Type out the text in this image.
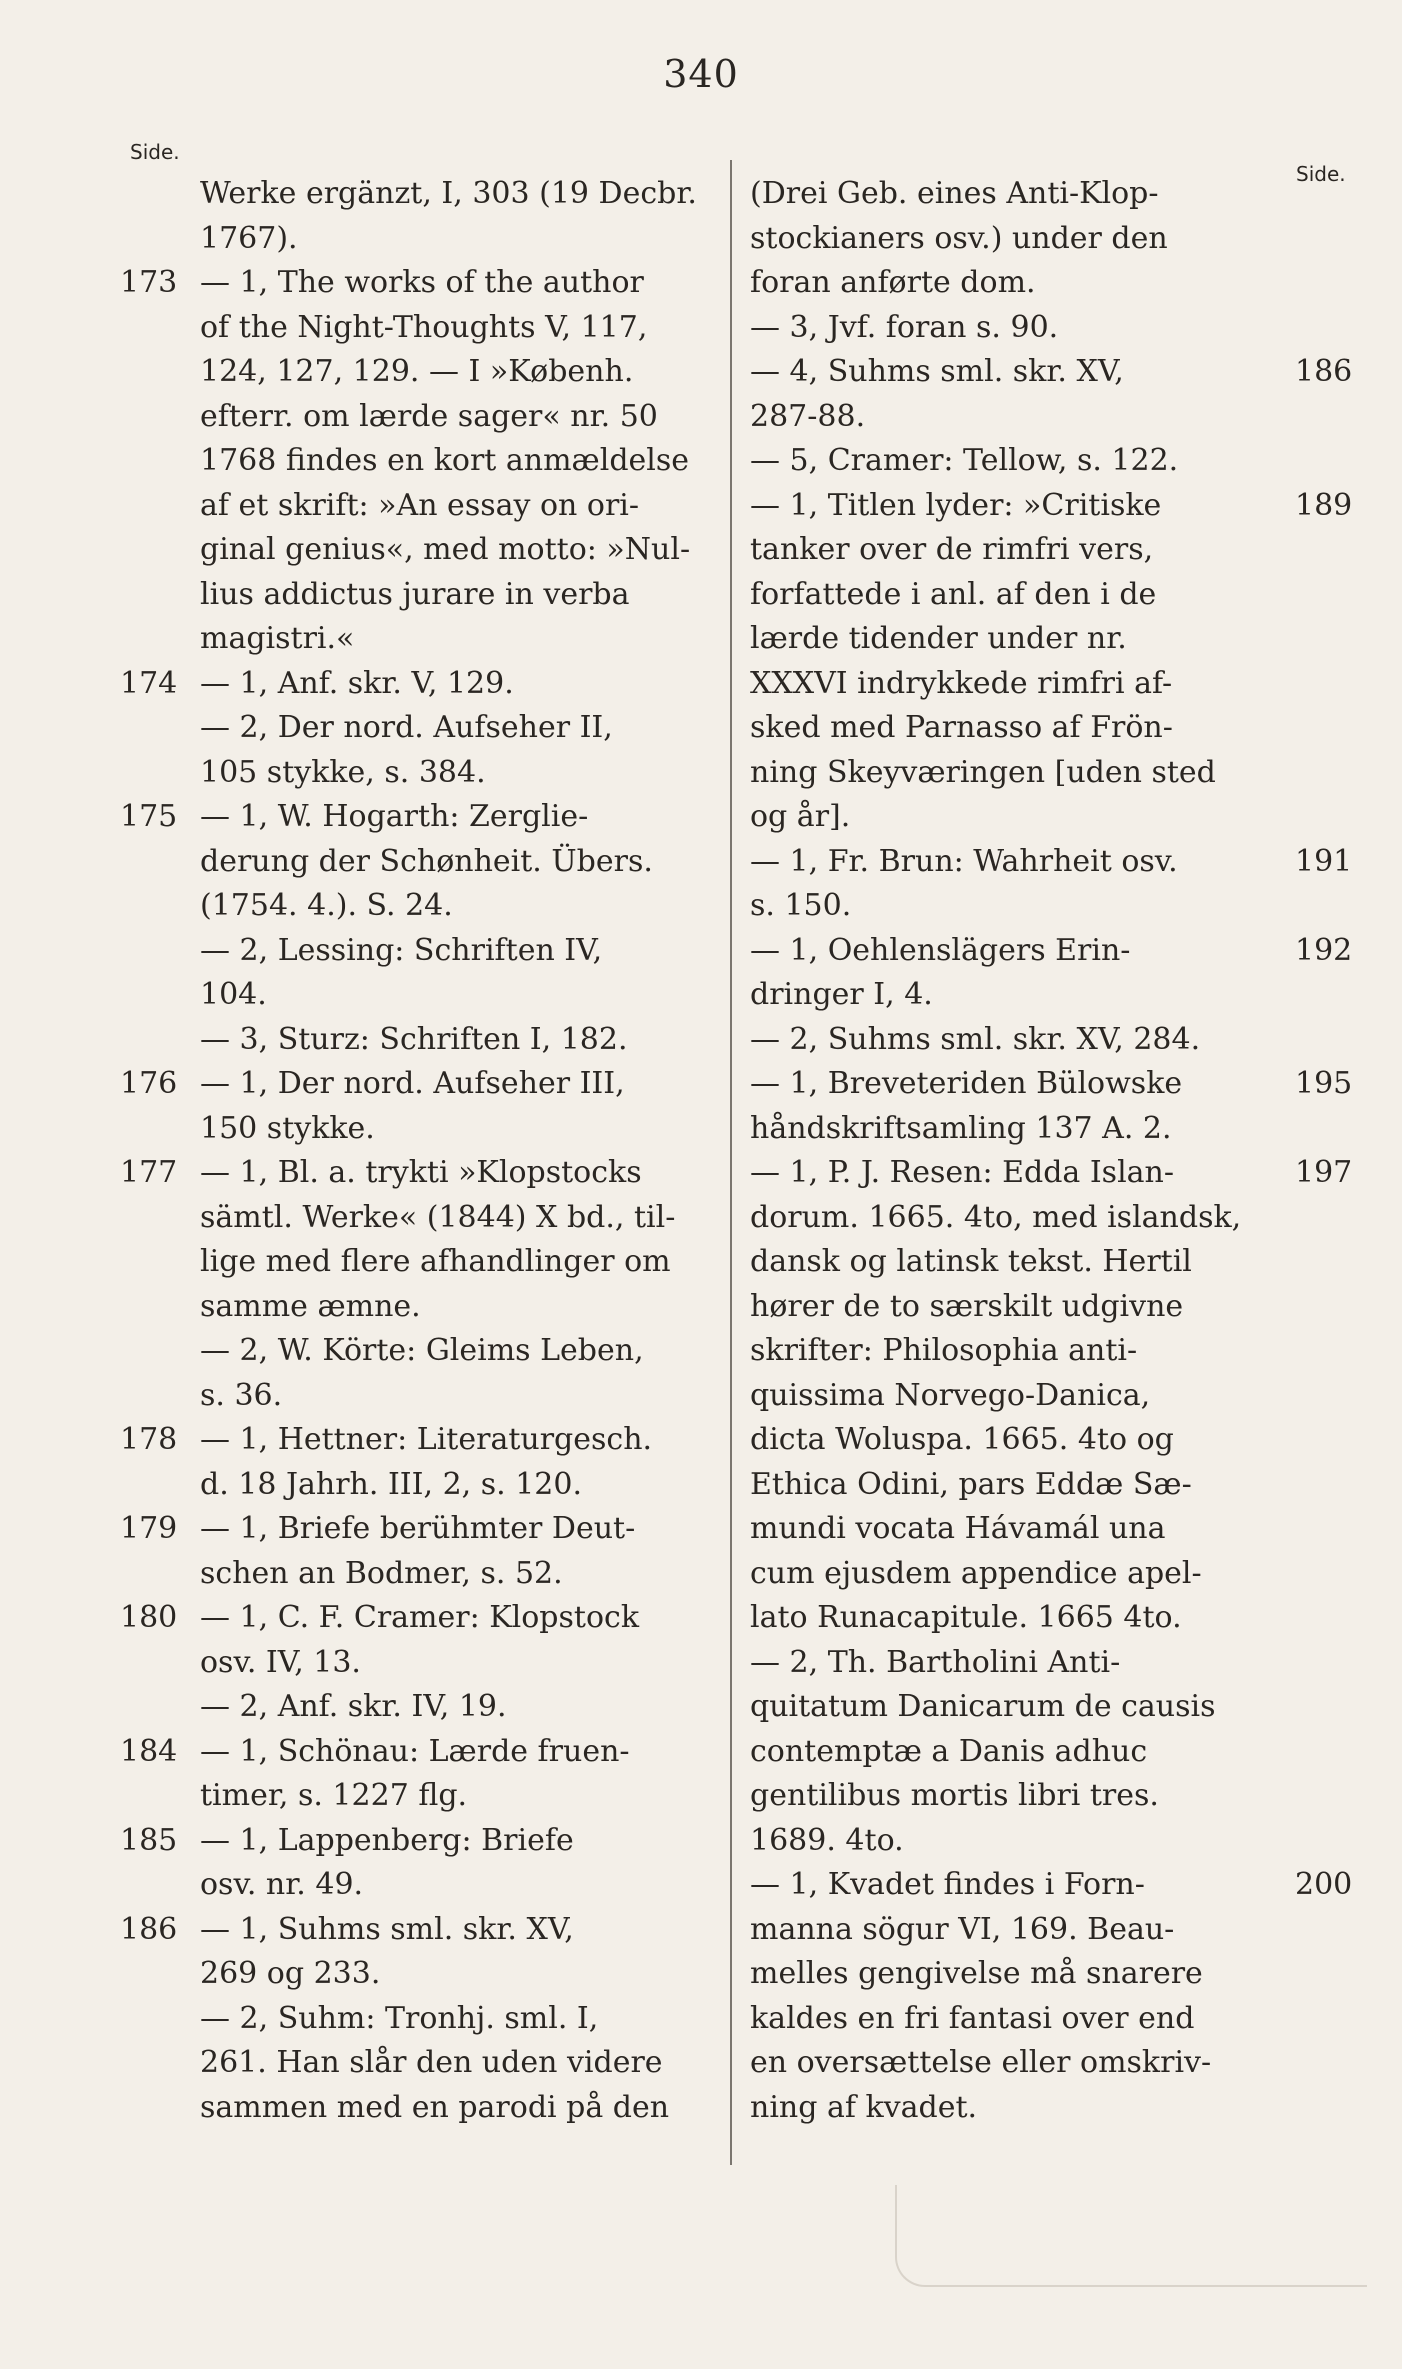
340
Side.
Side.
Werke ergänzt, I, 303 (19 Decbr.
1767).
173 — 1, The works of the author
of the Night-Thoughts V, 117,
124, 127, 129. — I »Københ.
efterr. om lærde sager« nr. 50
1768 findes en kort anmældelse
af et skrift: »An essay on ori-
ginal genius«, med motto: »Nul-
lius addictus jurare in verba
magistri.«
174 — 1, Anf. skr. V, 129.
— 2, Der nord. Aufseher II,
105 stykke, s. 384.
175 — 1, W. Hogarth: Zerglie-
derung der Schønheit. Übers.
(1754. 4.). S. 24.
— 2, Lessing: Schriften IV,
104.
— 3, Sturz: Schriften I, 182.
176 — 1, Der nord. Aufseher III,
150 stykke.
177 — 1, Bl. a. trykti »Klopstocks
sämtl. Werke« (1844) X bd., til-
lige med flere afhandlinger om
samme æmne.
— 2, W. Körte: Gleims Leben,
s. 36.
178 — 1, Hettner: Literaturgesch.
d. 18 Jahrh. III, 2, s. 120.
179 — 1, Briefe berühmter Deut-
schen an Bodmer, s. 52.
180 — 1, C. F. Cramer: Klopstock
osv. IV, 13.
— 2, Anf. skr. IV, 19.
184 — 1, Schönau: Lærde fruen-
timer, s. 1227 flg.
185 — 1, Lappenberg: Briefe
osv. nr. 49.
186 — 1, Suhms sml. skr. XV,
269 og 233.
— 2, Suhm: Tronhj. sml. I,
261. Han slår den uden videre
sammen med en parodi på den
(Drei Geb. eines Anti-Klop-
stockianers osv.) under den
foran anførte dom.
— 3, Jvf. foran s. 90.
186
— 4, Suhms sml. skr. XV,
287-88.
— 5, Cramer: Tellow, s. 122.
189
— 1, Titlen lyder: »Critiske
tanker over de rimfri vers,
forfattede i anl. af den i de
lærde tidender under nr.
XXXVI indrykkede rimfri af-
sked med Parnasso af Frön-
ning Skeyværingen [uden sted
og år].
191
— 1, Fr. Brun: Wahrheit osv.
s. 150.
192
— 1, Oehlenslägers Erin-
dringer I, 4.
— 2, Suhms sml. skr. XV, 284.
195
— 1, Breveteriden Bülowske
håndskriftsamling 137 A. 2.
197
— 1, P. J. Resen: Edda Islan-
dorum. 1665. 4to, med islandsk,
dansk og latinsk tekst. Hertil
hører de to særskilt udgivne
skrifter: Philosophia anti-
quissima Norvego-Danica,
dicta Woluspa. 1665. 4to og
Ethica Odini, pars Eddæ Sæ-
mundi vocata Hávamál una
cum ejusdem appendice apel-
lato Runacapitule. 1665 4to.
— 2, Th. Bartholini Anti-
quitatum Danicarum de causis
contemptæ a Danis adhuc
gentilibus mortis libri tres.
1689. 4to.
200
— 1, Kvadet findes i Forn-
manna sögur VI, 169. Beau-
melles gengivelse må snarere
kaldes en fri fantasi over end
en oversættelse eller omskriv-
ning af kvadet.
